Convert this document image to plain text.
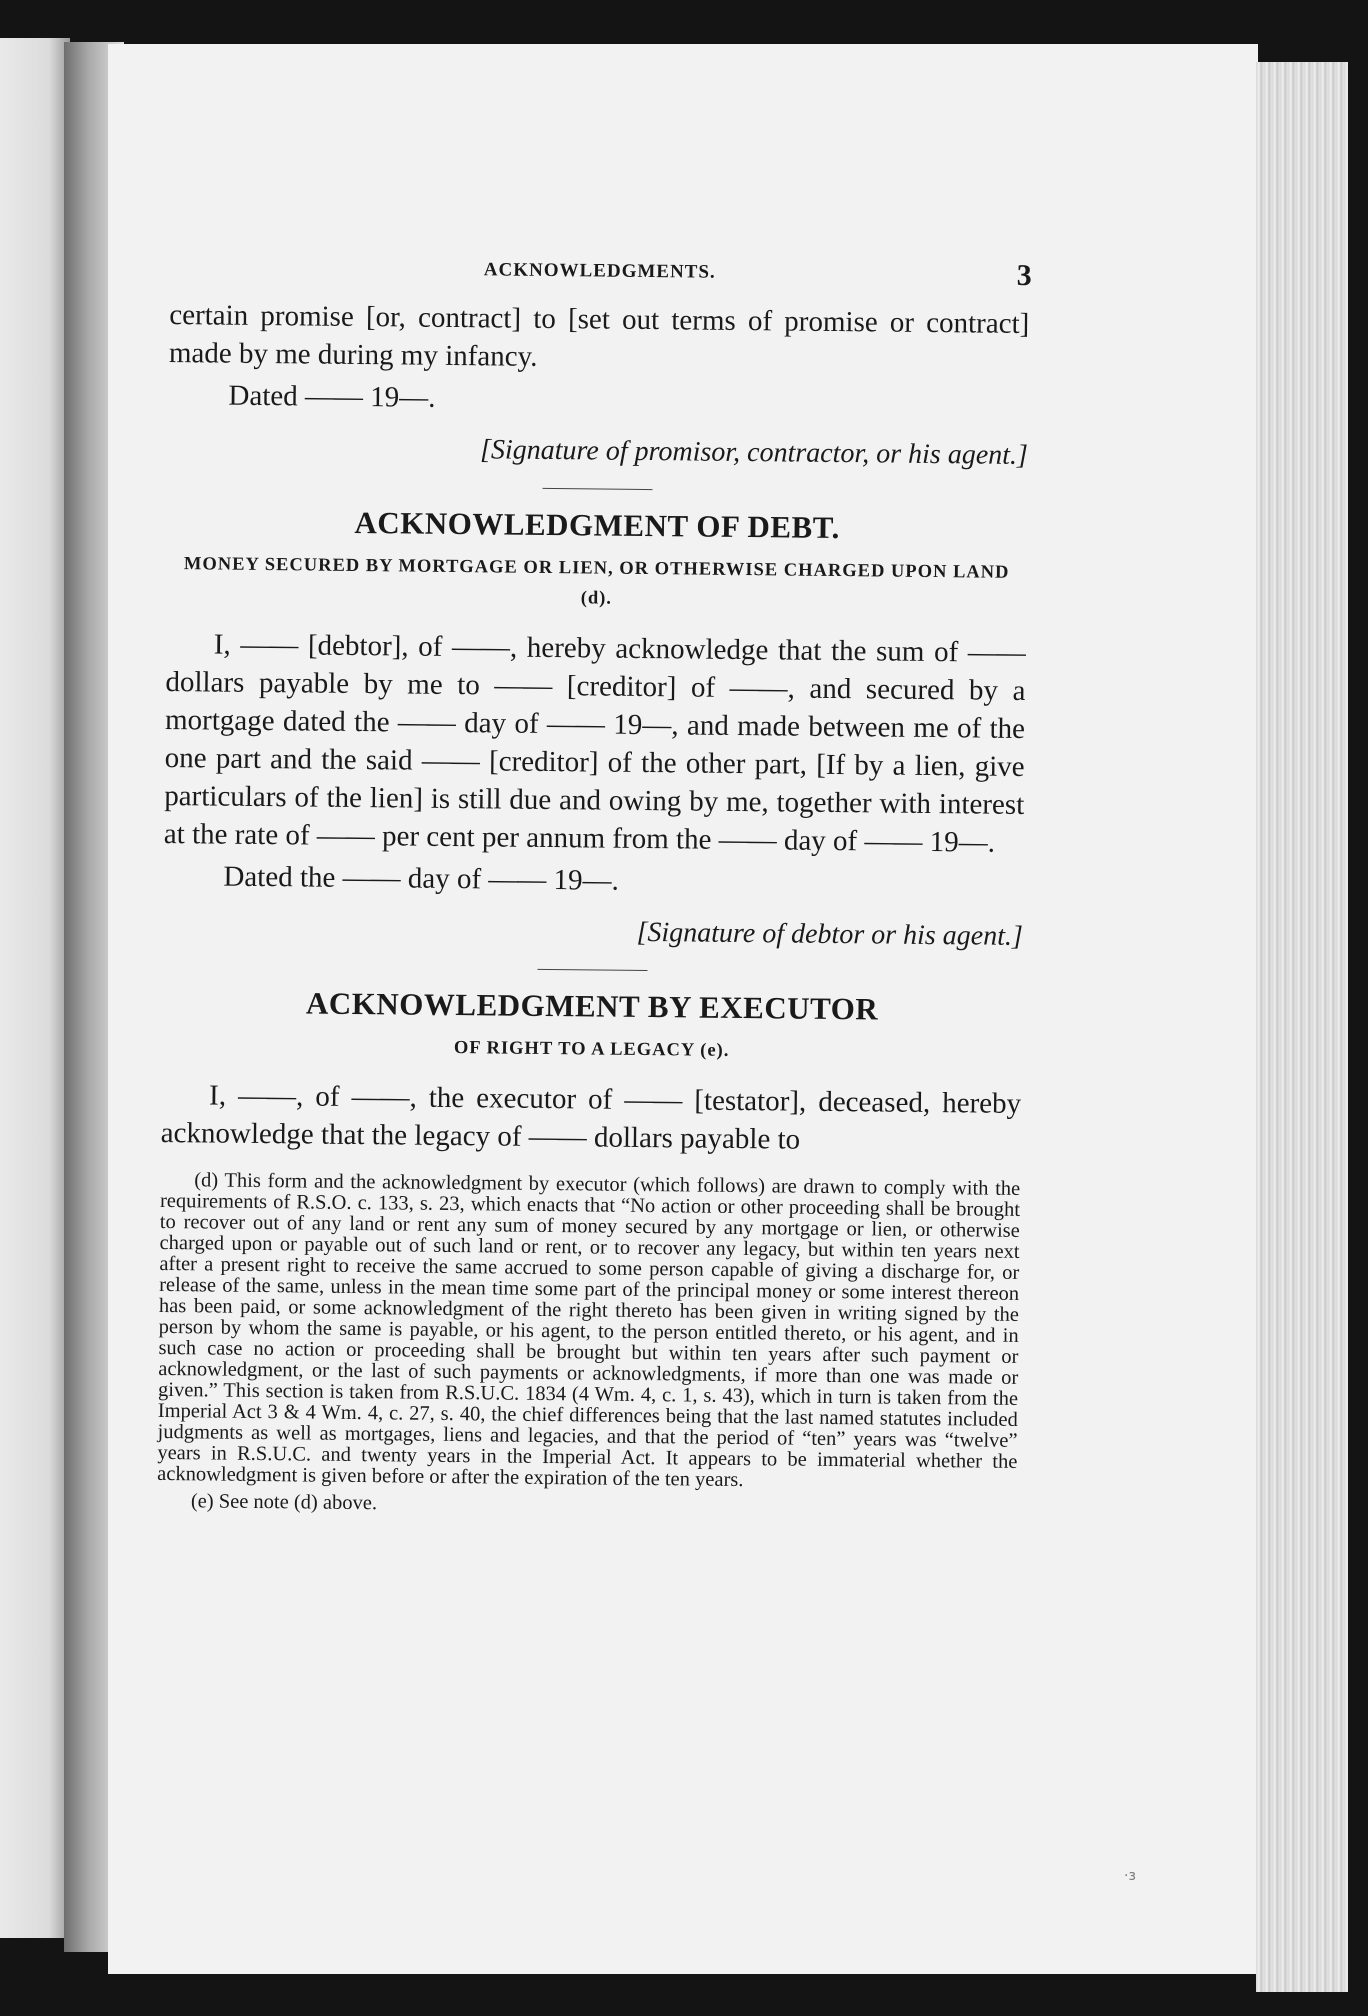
·ɜ
ACKNOWLEDGMENTS.	3

certain promise [or, contract] to [set out terms of promise or contract] made by me during my infancy.

Dated —— 19—.

[Signature of promisor, contractor, or his agent.]

ACKNOWLEDGMENT OF DEBT.

MONEY SECURED BY MORTGAGE OR LIEN, OR OTHERWISE CHARGED UPON LAND (d).

I, —— [debtor], of ——, hereby acknowledge that the sum of —— dollars payable by me to —— [creditor] of ——, and secured by a mortgage dated the —— day of —— 19—, and made between me of the one part and the said —— [creditor] of the other part, [If by a lien, give particulars of the lien] is still due and owing by me, together with interest at the rate of —— per cent per annum from the —— day of —— 19—.

Dated the —— day of —— 19—.

[Signature of debtor or his agent.]

ACKNOWLEDGMENT BY EXECUTOR

OF RIGHT TO A LEGACY (e).

I, ——, of ——, the executor of —— [testator], deceased, hereby acknowledge that the legacy of —— dollars payable to

(d) This form and the acknowledgment by executor (which follows) are drawn to comply with the requirements of R.S.O. c. 133, s. 23, which enacts that “No action or other proceeding shall be brought to recover out of any land or rent any sum of money secured by any mortgage or lien, or otherwise charged upon or payable out of such land or rent, or to recover any legacy, but within ten years next after a present right to receive the same accrued to some person capable of giving a discharge for, or release of the same, unless in the mean time some part of the principal money or some interest thereon has been paid, or some acknowledgment of the right thereto has been given in writing signed by the person by whom the same is payable, or his agent, to the person entitled thereto, or his agent, and in such case no action or proceeding shall be brought but within ten years after such payment or acknowledgment, or the last of such payments or acknowledgments, if more than one was made or given.” This section is taken from R.S.U.C. 1834 (4 Wm. 4, c. 1, s. 43), which in turn is taken from the Imperial Act 3 & 4 Wm. 4, c. 27, s. 40, the chief differences being that the last named statutes included judgments as well as mortgages, liens and legacies, and that the period of “ten” years was “twelve” years in R.S.U.C. and twenty years in the Imperial Act. It appears to be immaterial whether the acknowledgment is given before or after the expiration of the ten years.

(e) See note (d) above.
